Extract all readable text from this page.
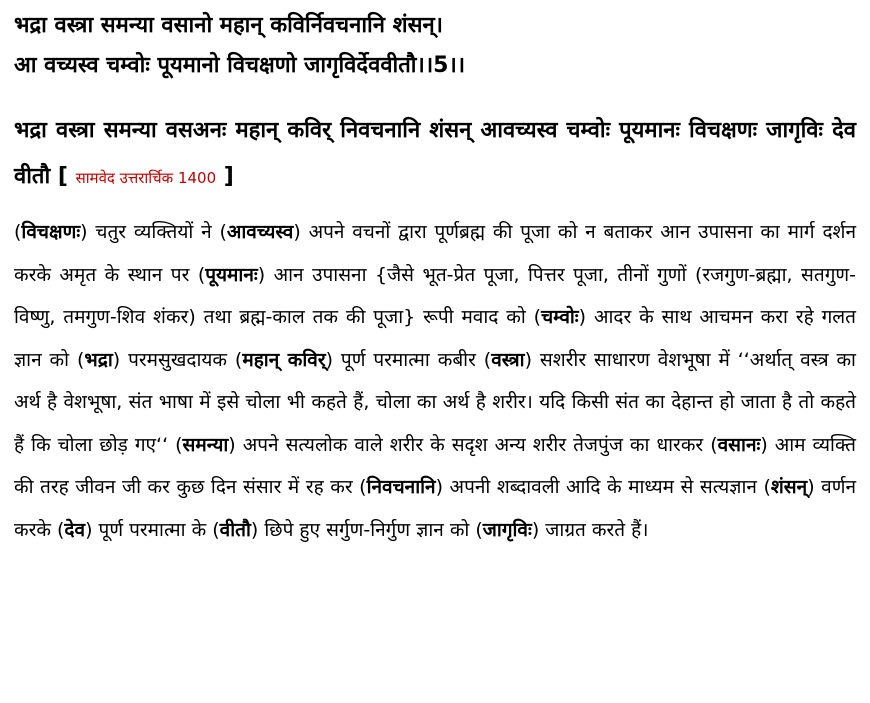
भद्रा वस्त्रा समन्या वसानो महान् कविर्निवचनानि शंसन्।

आ वच्यस्व चम्वोः पूयमानो विचक्षणो जागृविर्देववीतौ।।5।।

भद्रा वस्त्रा समन्या वसअनः महान् कविर् निवचनानि शंसन् आवच्यस्व चम्वोः पूयमानः विचक्षणः जागृविः देव वीतौ [ सामवेद उत्तरार्चिक 1400 ]

(विचक्षणः) चतुर व्यक्तियों ने (आवच्यस्व) अपने वचनों द्वारा पूर्णब्रह्म की पूजा को न बताकर आन उपासना का मार्ग दर्शन करके अमृत के स्थान पर (पूयमानः) आन उपासना {जैसे भूत-प्रेत पूजा, पित्तर पूजा, तीनों गुणों (रजगुण-ब्रह्मा, सतगुण-विष्णु, तमगुण-शिव शंकर) तथा ब्रह्म-काल तक की पूजा} रूपी मवाद को (चम्वोः) आदर के साथ आचमन करा रहे गलत ज्ञान को (भद्रा) परमसुखदायक (महान् कविर्) पूर्ण परमात्मा कबीर (वस्त्रा) सशरीर साधारण वेशभूषा में ‘‘अर्थात् वस्त्र का अर्थ है वेशभूषा, संत भाषा में इसे चोला भी कहते हैं, चोला का अर्थ है शरीर। यदि किसी संत का देहान्त हो जाता है तो कहते हैं कि चोला छोड़ गए‘‘ (समन्या) अपने सत्यलोक वाले शरीर के सदृश अन्य शरीर तेजपुंज का धारकर (वसानः) आम व्यक्ति की तरह जीवन जी कर कुछ दिन संसार में रह कर (निवचनानि) अपनी शब्दावली आदि के माध्यम से सत्यज्ञान (शंसन्) वर्णन करके (देव) पूर्ण परमात्मा के (वीतौ) छिपे हुए सर्गुण-निर्गुण ज्ञान को (जागृविः) जाग्रत करते हैं।
